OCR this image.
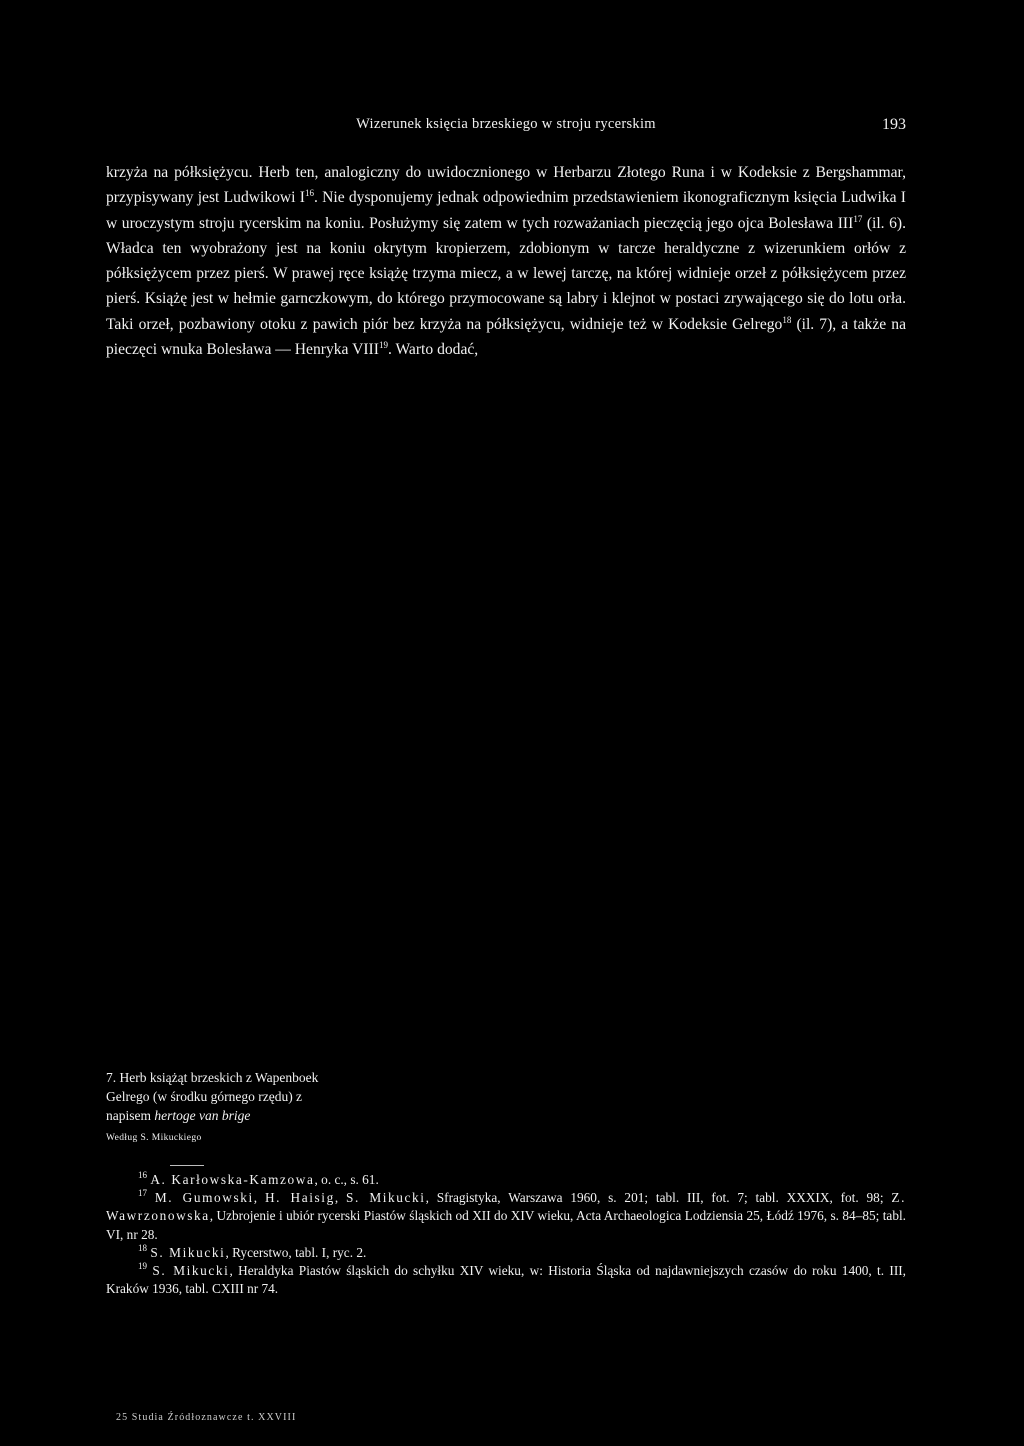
Wizerunek księcia brzeskiego w stroju rycerskim	193

krzyża na półksiężycu. Herb ten, analogiczny do uwidocznionego w Herbarzu Złotego Runa i w Kodeksie z Bergshammar, przypisywany jest Ludwikowi $I^{16}$. Nie dysponujemy jednak odpowiednim przedstawieniem ikonograficznym księcia Ludwika I w uroczystym stroju rycerskim na koniu. Posłużymy się zatem w tych rozważaniach pieczęcią jego ojca Bolesława III$^{17}$ (il. 6). Władca ten wyobrażony jest na koniu okrytym kropierzem, zdobionym w tarcze heraldyczne z wizerunkiem orłów z półksiężycem przez pierś. W prawej ręce książę trzyma miecz, a w lewej tarczę, na której widnieje orzeł z półksiężycem przez pierś. Książę jest w hełmie garnczkowym, do którego przymocowane są labry i klejnot w postaci zrywającego się do lotu orła. Taki orzeł, pozbawiony otoku z pawich piór bez krzyża na półksiężycu, widnieje też w Kodeksie Gelrego$^{18}$ (il. 7), a także na pieczęci wnuka Bolesława — Henryka VIII$^{19}$. Warto dodać,

7. Herb książąt brzeskich z Wapenboek Gelrego (w środku górnego rzędu) z napisem hertoge van brige

Według S. Mikuckiego

$^{16}$ A. Karłowska-Kamzowa, o. c., s. 61.

$^{17}$ M. Gumowski, H. Haisig, S. Mikucki, Sfragistyka, Warszawa 1960, s. 201; tabl. III, fot. 7; tabl. XXXIX, fot. 98; Z. Wawrzonowska, Uzbrojenie i ubiór rycerski Piastów śląskich od XII do XIV wieku, Acta Archaeologica Lodziensia 25, Łódź 1976, s. 84–85; tabl. VI, nr 28.

$^{18}$ S. Mikucki, Rycerstwo, tabl. I, ryc. 2.

$^{19}$ S. Mikucki, Heraldyka Piastów śląskich do schyłku XIV wieku, w: Historia Śląska od najdawniejszych czasów do roku 1400, t. III, Kraków 1936, tabl. CXIII nr 74.

25 Studia Źródłoznawcze t. XXVIII
